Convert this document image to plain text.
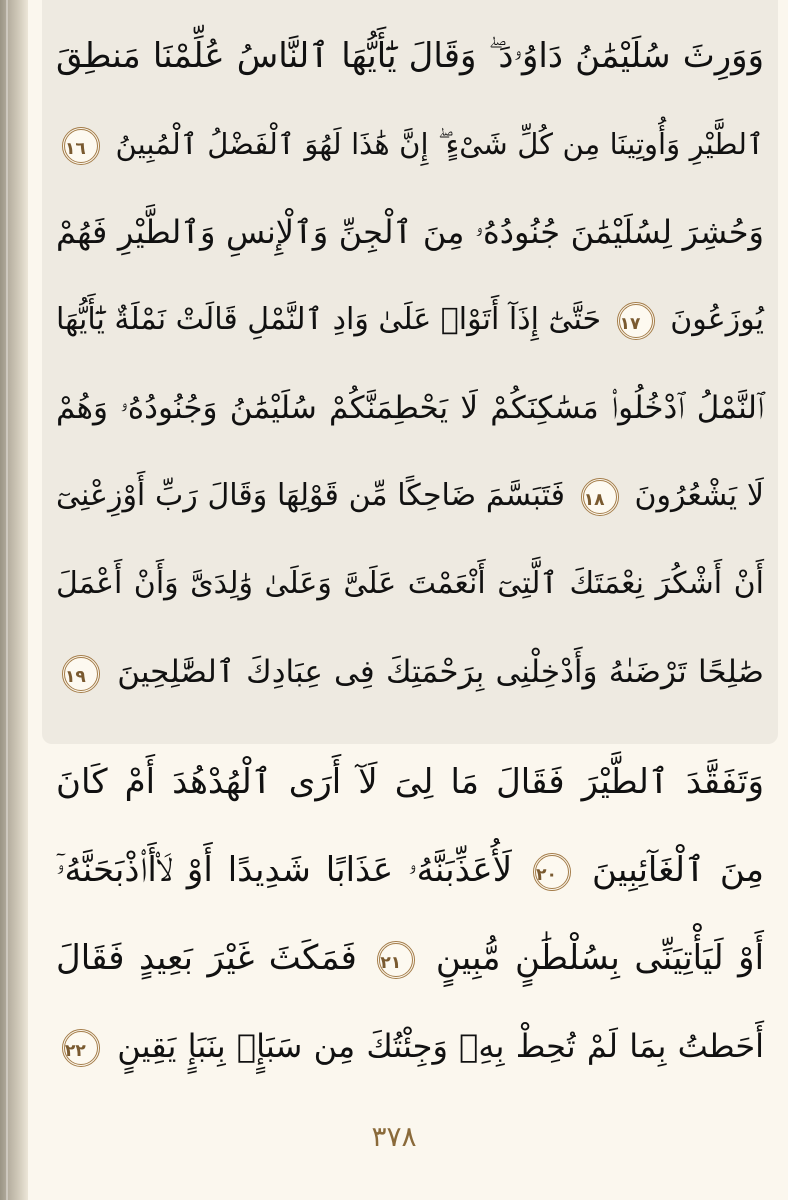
وَوَرِثَ سُلَيْمَٰنُ دَاوُۥدَ ۖ وَقَالَ يَٰٓأَيُّهَا ٱلنَّاسُ عُلِّمْنَا مَنطِقَ
ٱلطَّيْرِ وَأُوتِينَا مِن كُلِّ شَىْءٍ ۖ إِنَّ هَٰذَا لَهُوَ ٱلْفَضْلُ ٱلْمُبِينُ ١٦
وَحُشِرَ لِسُلَيْمَٰنَ جُنُودُهُۥ مِنَ ٱلْجِنِّ وَٱلْإِنسِ وَٱلطَّيْرِ فَهُمْ
يُوزَعُونَ ١٧ حَتَّىٰٓ إِذَآ أَتَوْا۟ عَلَىٰ وَادِ ٱلنَّمْلِ قَالَتْ نَمْلَةٌ يَٰٓأَيُّهَا
ٱلنَّمْلُ ٱدْخُلُوا۟ مَسَٰكِنَكُمْ لَا يَحْطِمَنَّكُمْ سُلَيْمَٰنُ وَجُنُودُهُۥ وَهُمْ
لَا يَشْعُرُونَ ١٨ فَتَبَسَّمَ ضَاحِكًا مِّن قَوْلِهَا وَقَالَ رَبِّ أَوْزِعْنِىٓ
أَنْ أَشْكُرَ نِعْمَتَكَ ٱلَّتِىٓ أَنْعَمْتَ عَلَىَّ وَعَلَىٰ وَٰلِدَىَّ وَأَنْ أَعْمَلَ
صَٰلِحًا تَرْضَىٰهُ وَأَدْخِلْنِى بِرَحْمَتِكَ فِى عِبَادِكَ ٱلصَّٰلِحِينَ ١٩
وَتَفَقَّدَ ٱلطَّيْرَ فَقَالَ مَا لِىَ لَآ أَرَى ٱلْهُدْهُدَ أَمْ كَانَ
مِنَ ٱلْغَآئِبِينَ ٢٠ لَأُعَذِّبَنَّهُۥ عَذَابًا شَدِيدًا أَوْ لَا۟أَا۟ذْبَحَنَّهُۥٓ
أَوْ لَيَأْتِيَنِّى بِسُلْطَٰنٍ مُّبِينٍ ٢١ فَمَكَثَ غَيْرَ بَعِيدٍ فَقَالَ
أَحَطتُ بِمَا لَمْ تُحِطْ بِهِۦ وَجِئْتُكَ مِن سَبَإٍۭ بِنَبَإٍ يَقِينٍ ٢٢
٣٧٨
